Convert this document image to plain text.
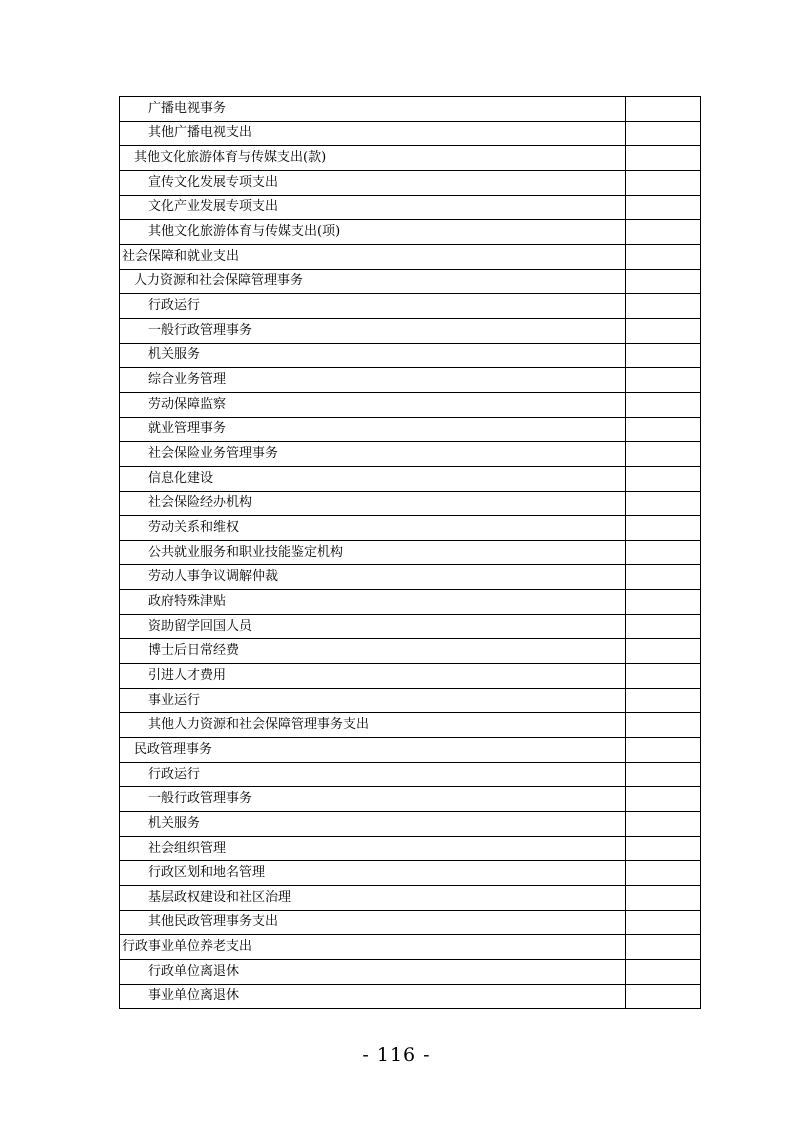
广播电视事务	
其他广播电视支出	
其他文化旅游体育与传媒支出(款)	
宣传文化发展专项支出	
文化产业发展专项支出	
其他文化旅游体育与传媒支出(项)	
社会保障和就业支出	
人力资源和社会保障管理事务	
行政运行	
一般行政管理事务	
机关服务	
综合业务管理	
劳动保障监察	
就业管理事务	
社会保险业务管理事务	
信息化建设	
社会保险经办机构	
劳动关系和维权	
公共就业服务和职业技能鉴定机构	
劳动人事争议调解仲裁	
政府特殊津贴	
资助留学回国人员	
博士后日常经费	
引进人才费用	
事业运行	
其他人力资源和社会保障管理事务支出	
民政管理事务	
行政运行	
一般行政管理事务	
机关服务	
社会组织管理	
行政区划和地名管理	
基层政权建设和社区治理	
其他民政管理事务支出	
行政事业单位养老支出	
行政单位离退休	
事业单位离退休	
- 116 -
